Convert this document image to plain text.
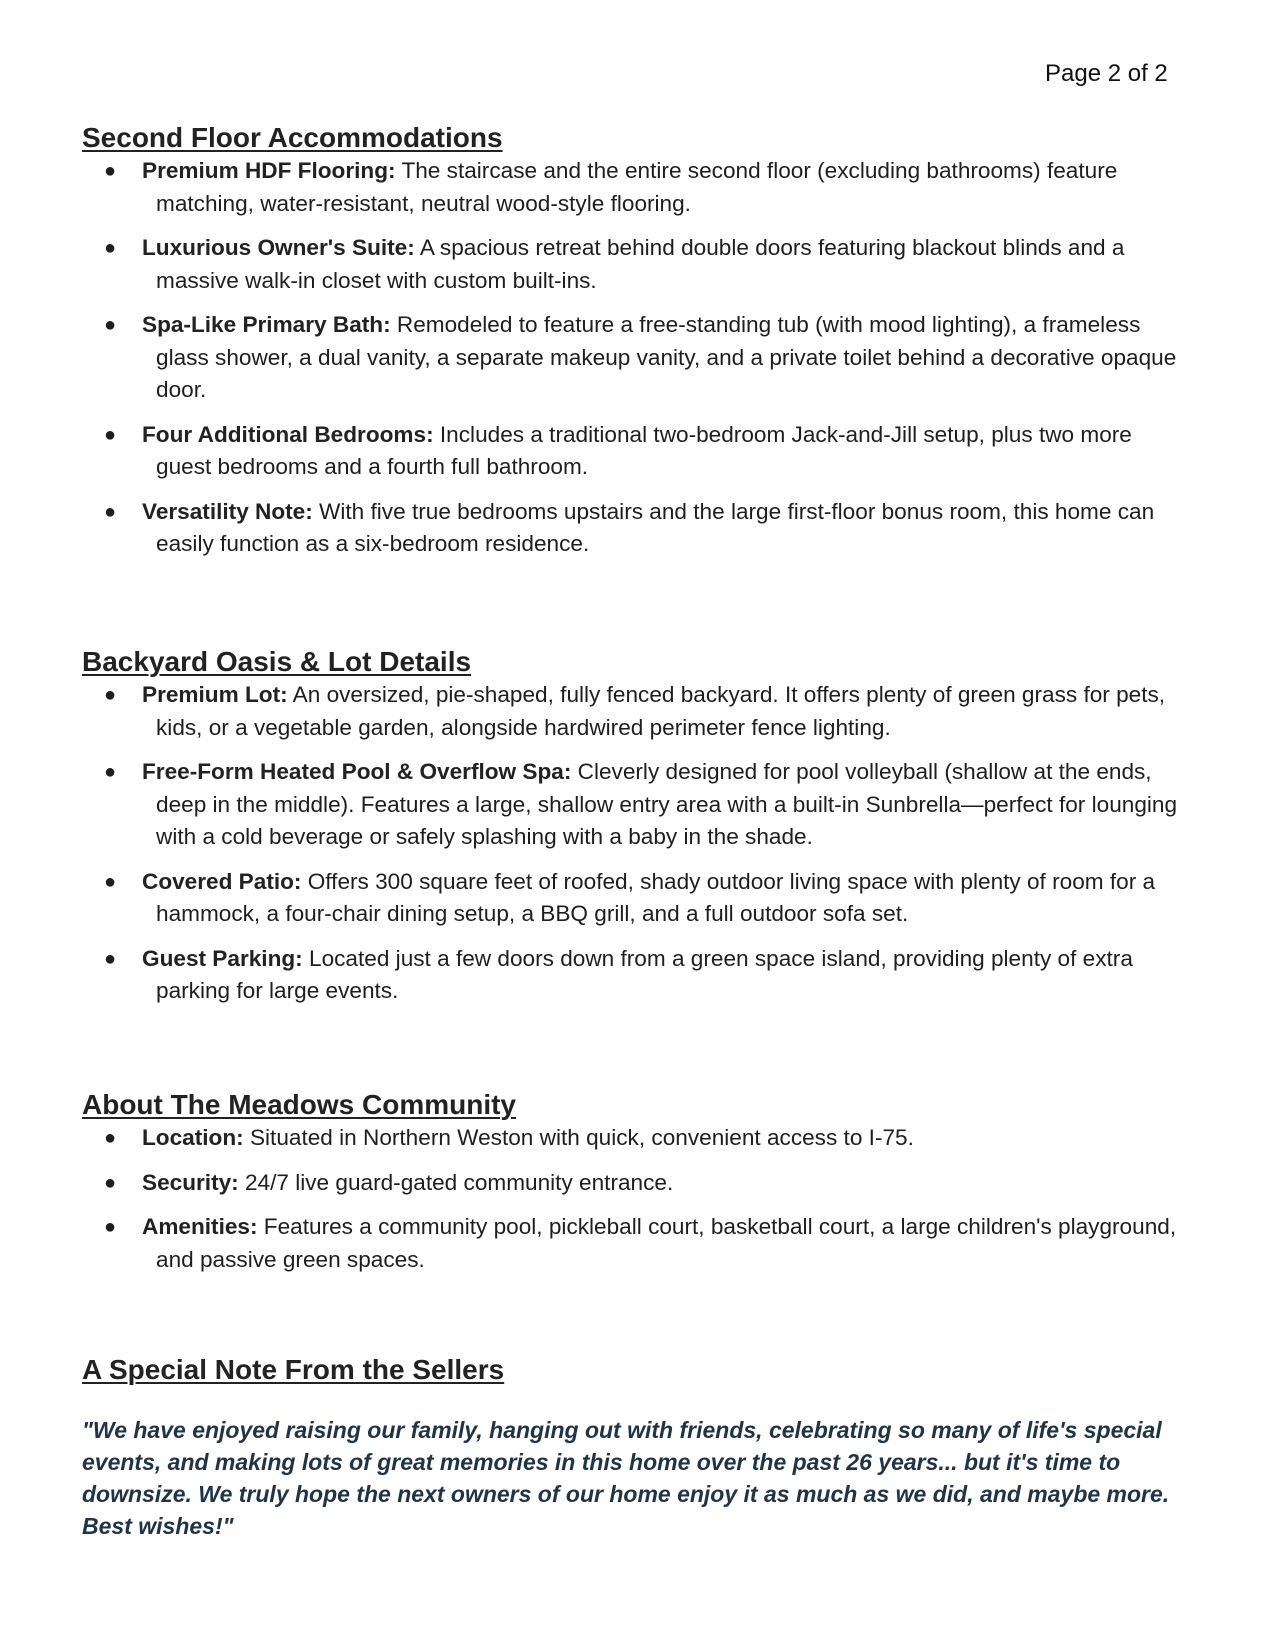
Page 2 of 2
Second Floor Accommodations
● Premium HDF Flooring: The staircase and the entire second floor (excluding bathrooms) feature matching, water-resistant, neutral wood-style flooring.
● Luxurious Owner's Suite: A spacious retreat behind double doors featuring blackout blinds and a massive walk-in closet with custom built-ins.
● Spa-Like Primary Bath: Remodeled to feature a free-standing tub (with mood lighting), a frameless glass shower, a dual vanity, a separate makeup vanity, and a private toilet behind a decorative opaque door.
● Four Additional Bedrooms: Includes a traditional two-bedroom Jack-and-Jill setup, plus two more guest bedrooms and a fourth full bathroom.
● Versatility Note: With five true bedrooms upstairs and the large first-floor bonus room, this home can easily function as a six-bedroom residence.
Backyard Oasis & Lot Details
● Premium Lot: An oversized, pie-shaped, fully fenced backyard. It offers plenty of green grass for pets, kids, or a vegetable garden, alongside hardwired perimeter fence lighting.
● Free-Form Heated Pool & Overflow Spa: Cleverly designed for pool volleyball (shallow at the ends, deep in the middle). Features a large, shallow entry area with a built-in Sunbrella—perfect for lounging with a cold beverage or safely splashing with a baby in the shade.
● Covered Patio: Offers 300 square feet of roofed, shady outdoor living space with plenty of room for a hammock, a four-chair dining setup, a BBQ grill, and a full outdoor sofa set.
● Guest Parking: Located just a few doors down from a green space island, providing plenty of extra parking for large events.
About The Meadows Community
● Location: Situated in Northern Weston with quick, convenient access to I-75.
● Security: 24/7 live guard-gated community entrance.
● Amenities: Features a community pool, pickleball court, basketball court, a large children's playground, and passive green spaces.
A Special Note From the Sellers
"We have enjoyed raising our family, hanging out with friends, celebrating so many of life's special events, and making lots of great memories in this home over the past 26 years... but it's time to downsize. We truly hope the next owners of our home enjoy it as much as we did, and maybe more. Best wishes!"
